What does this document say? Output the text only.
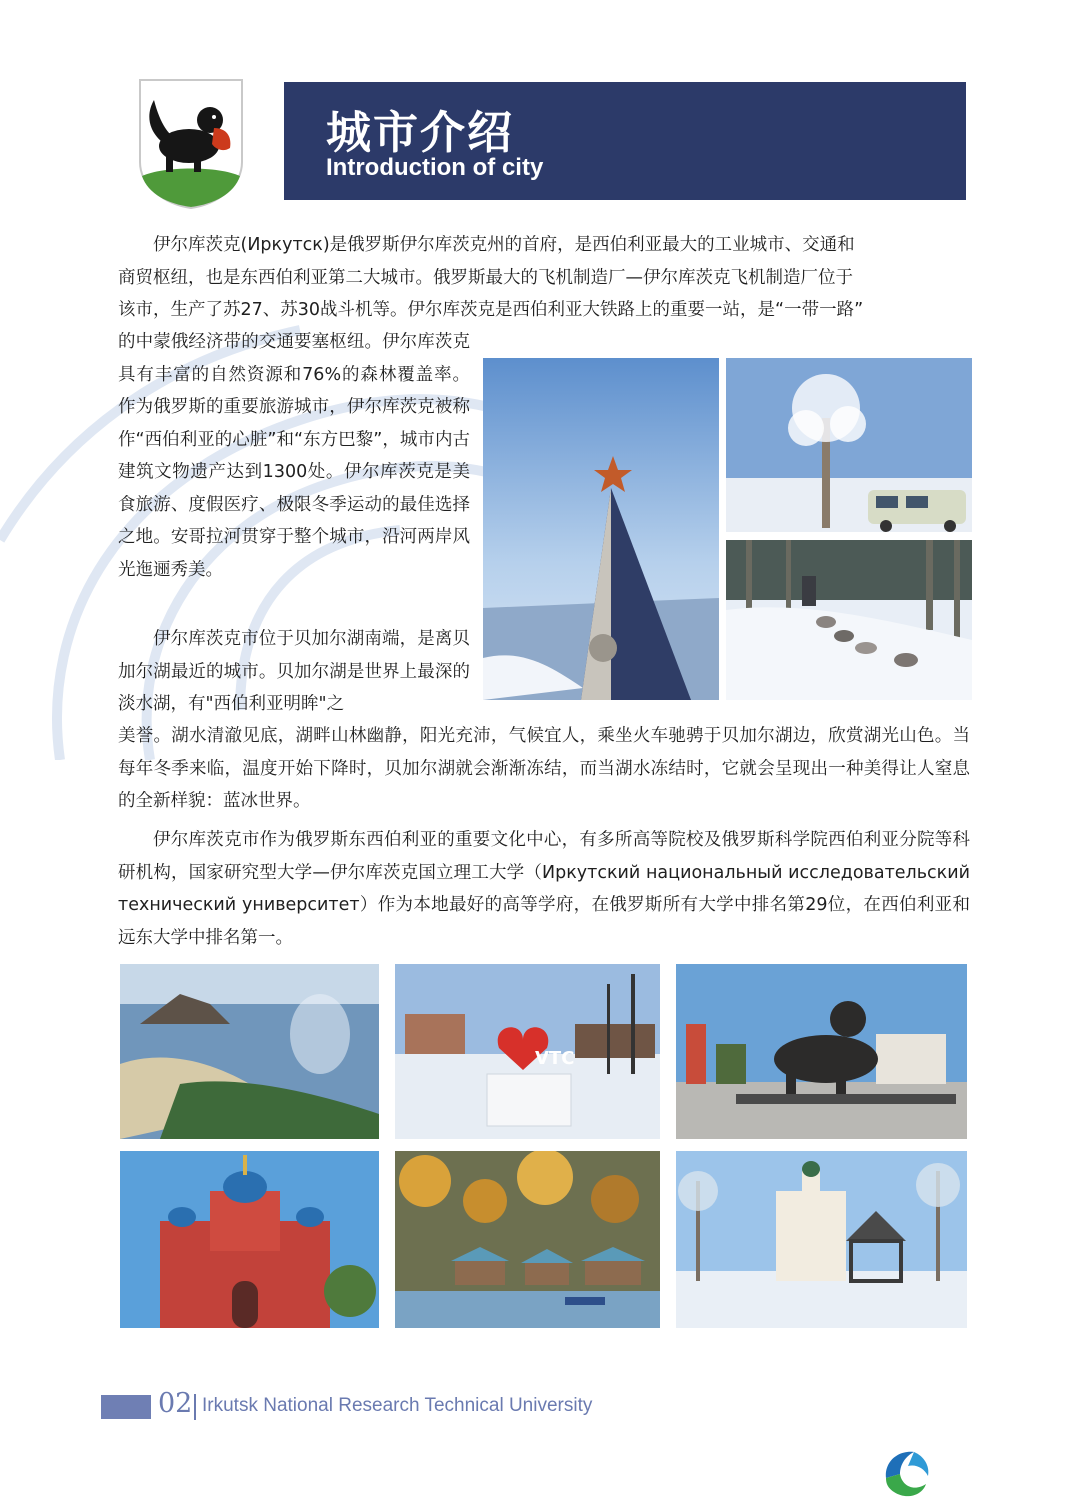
城市介绍
Introduction of city
伊尔库茨克(Иркутск)是俄罗斯伊尔库茨克州的首府，是西伯利亚最大的工业城市、交通和
商贸枢纽，也是东西伯利亚第二大城市。俄罗斯最大的飞机制造厂—伊尔库茨克飞机制造厂位于
该市，生产了苏27、苏30战斗机等。伊尔库茨克是西伯利亚大铁路上的重要一站，是“一带一路”
的中蒙俄经济带的交通要塞枢纽。伊尔库茨克具有丰富的自然资源和76%的森林覆盖率。作为俄罗斯的重要旅游城市，伊尔库茨克被称作“西伯利亚的心脏”和“东方巴黎”，城市内古建筑文物遗产达到1300处。伊尔库茨克是美食旅游、度假医疗、极限冬季运动的最佳选择之地。安哥拉河贯穿于整个城市，沿河两岸风光迤逦秀美。
伊尔库茨克市位于贝加尔湖南端，是离贝加尔湖最近的城市。贝加尔湖是世界上最深的淡水湖，有"西伯利亚明眸"之
美誉。湖水清澈见底，湖畔山林幽静，阳光充沛，气候宜人，乘坐火车驰骋于贝加尔湖边，欣赏湖光山色。当每年冬季来临，温度开始下降时，贝加尔湖就会渐渐冻结，而当湖水冻结时，它就会呈现出一种美得让人窒息的全新样貌：蓝冰世界。
伊尔库茨克市作为俄罗斯东西伯利亚的重要文化中心，有多所高等院校及俄罗斯科学院西伯利亚分院等科研机构，国家研究型大学—伊尔库茨克国立理工大学（Иркутский национальный исследовательский технический университет）作为本地最好的高等学府，在俄罗斯所有大学中排名第29位，在西伯利亚和远东大学中排名第一。
VTC
02 Irkutsk National Research Technical University
